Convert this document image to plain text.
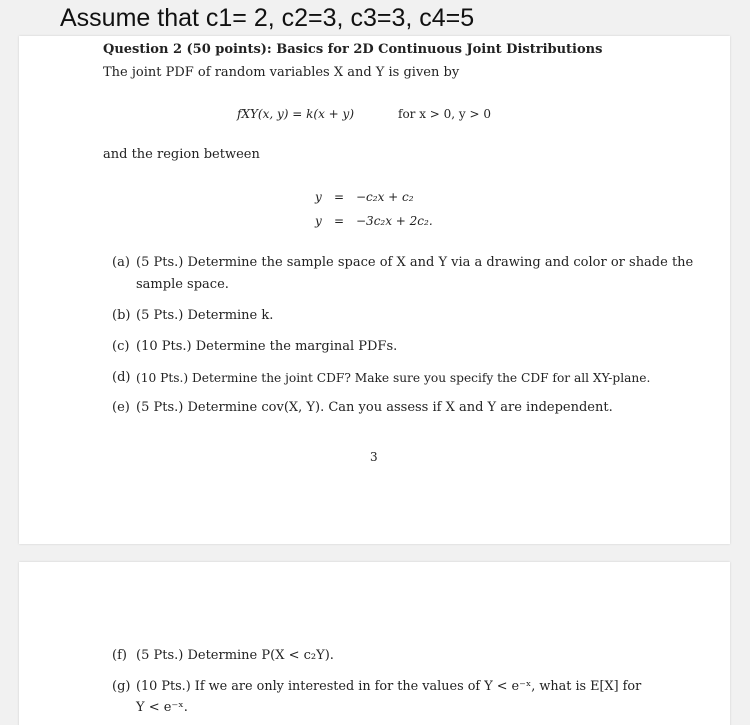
Assume that c1= 2, c2=3, c3=3, c4=5
Question 2 (50 points): Basics for 2D Continuous Joint Distributions
The joint PDF of random variables X and Y is given by
fXY(x, y) = k(x + y)	for x > 0, y > 0
and the region between
y = −c₂x + c₂
y = −3c₂x + 2c₂.
(a) (5 Pts.) Determine the sample space of X and Y via a drawing and color or shade the
sample space.
(b) (5 Pts.) Determine k.
(c) (10 Pts.) Determine the marginal PDFs.
(d) (10 Pts.) Determine the joint CDF? Make sure you specify the CDF for all XY-plane.
(e) (5 Pts.) Determine cov(X, Y). Can you assess if X and Y are independent.
3
(f) (5 Pts.) Determine P(X < c₂Y).
(g) (10 Pts.) If we are only interested in for the values of Y < e⁻ˣ, what is E[X] for
Y < e⁻ˣ.
